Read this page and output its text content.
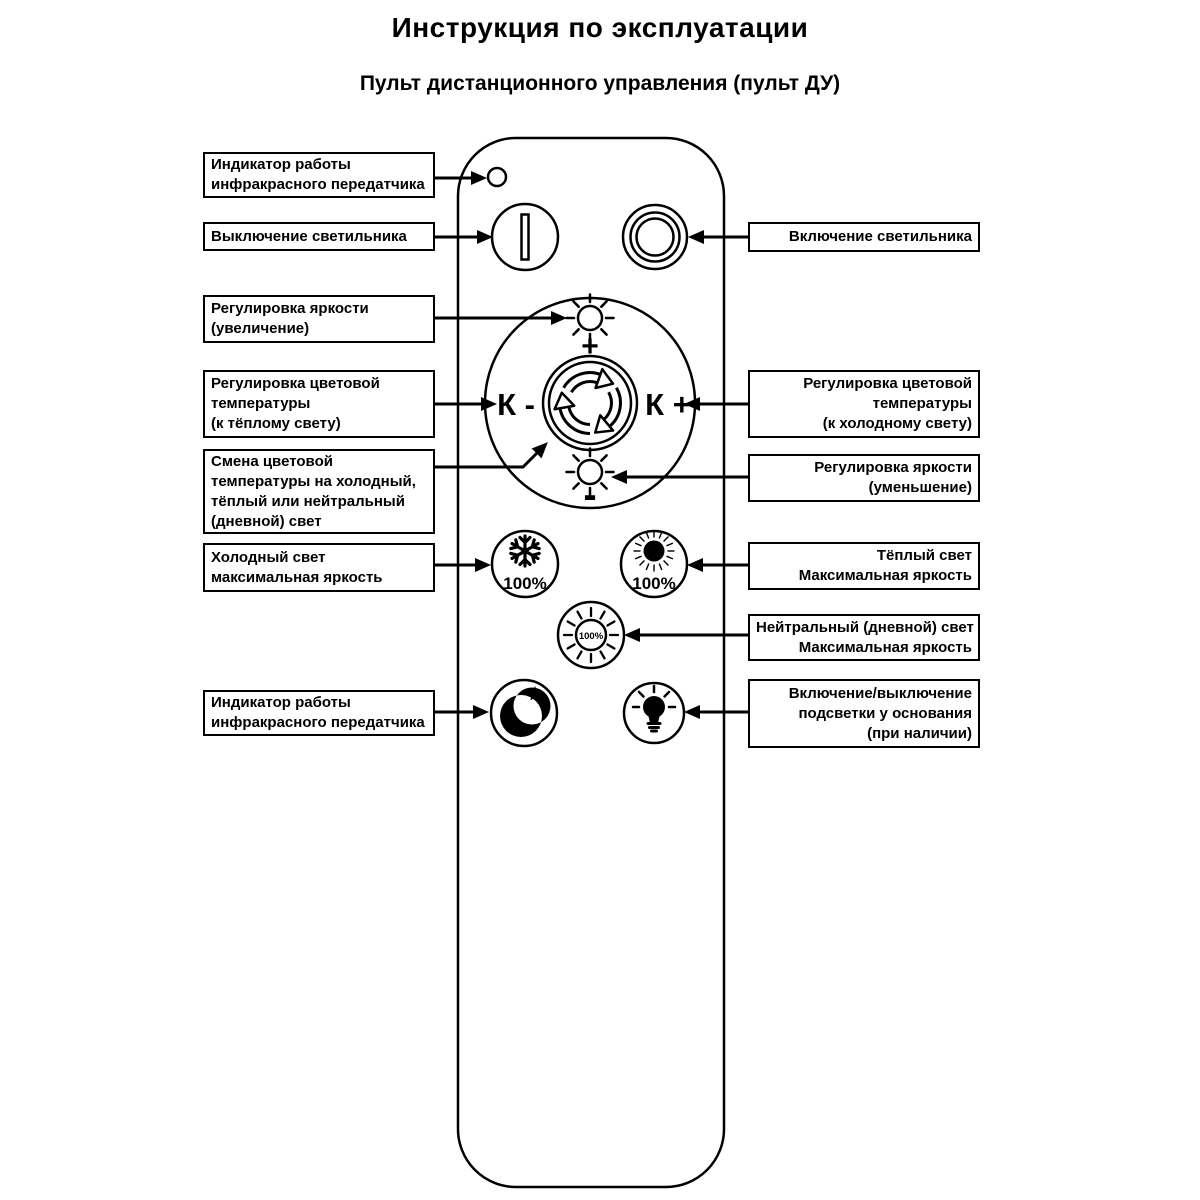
Инструкция по эксплуатации
Пульт дистанционного управления (пульт ДУ)
+
К -	К +
-
100%	100%
100%
Индикатор работы
инфракрасного передатчика
Выключение светильника
Регулировка яркости
(увеличение)
Регулировка цветовой
температуры
(к тёплому свету)
Смена цветовой
температуры на холодный,
тёплый или нейтральный
(дневной) свет
Холодный свет
максимальная яркость
Индикатор работы
инфракрасного передатчика
Включение светильника
Регулировка цветовой
температуры
(к холодному свету)
Регулировка яркости
(уменьшение)
Тёплый свет
Максимальная яркость
Нейтральный (дневной) свет
Максимальная яркость
Включение/выключение
подсветки у основания
(при наличии)
